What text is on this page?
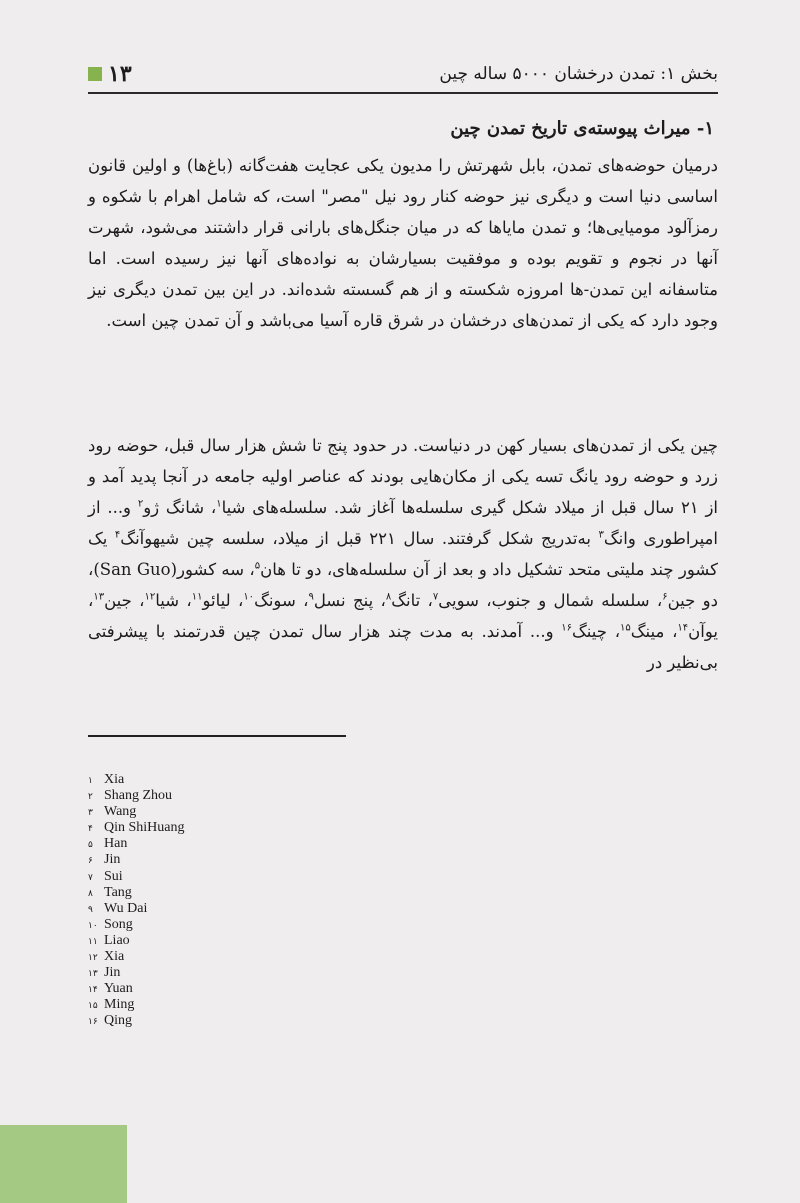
بخش ۱: تمدن درخشان ۵۰۰۰ ساله چین
۱۳
۱- میراث پیوسته‌ی تاریخ تمدن چین

درمیان حوضه‌های تمدن، بابل شهرتش را مدیون یکی عجایت هفت‌گانه (باغ‌ها) و اولین قانون اساسی دنیا است و دیگری نیز حوضه کنار رود نیل "مصر" است، که شامل اهرام با شکوه و رمزآلود مومیایی‌ها؛ و تمدن مایاها که در میان جنگل‌های بارانی قرار داشتند می‌شود، شهرت آنها در نجوم و تقویم بوده و موفقیت بسیارشان به نواده‌های آنها نیز رسیده است. اما متاسفانه این تمدن-ها امروزه شکسته و از هم گسسته شده‌اند. در این بین تمدن دیگری نیز وجود دارد که یکی از تمدن‌های درخشان در شرق قاره آسیا می‌باشد و آن تمدن چین است.

چین یکی از تمدن‌های بسیار کهن در دنیاست. در حدود پنج تا شش هزار سال قبل، حوضه رود زرد و حوضه رود یانگ تسه یکی از مکان‌هایی بودند که عناصر اولیه جامعه در آنجا پدید آمد و از ۲۱ سال قبل از میلاد شکل گیری سلسله‌ها آغاز شد. سلسله‌های شیا$^۱$، شانگ ژو$^۲$ و... از امپراطوری وانگ$^۳$ به‌تدریج شکل گرفتند. سال ۲۲۱ قبل از میلاد، سلسه چین شیهوآنگ$^۴$ یک کشور چند ملیتی متحد تشکیل داد و بعد از آن سلسله‌های، دو تا هان$^۵$، سه کشور(San Guo)، دو جین$^۶$، سلسله شمال و جنوب، سویی$^۷$، تانگ$^۸$، پنج نسل$^۹$، سونگ$^{۱۰}$، لیائو$^{۱۱}$، شیا$^{۱۲}$، جین$^{۱۳}$، یوآن$^{۱۴}$، مینگ$^{۱۵}$، چینگ$^{۱۶}$ و... آمدند. به مدت چند هزار سال تمدن چین قدرتمند با پیشرفتی بی‌نظیر در

۱ Xia
۲ Shang Zhou
۳ Wang
۴ Qin ShiHuang
۵ Han
۶ Jin
۷ Sui
۸ Tang
۹ Wu Dai
۱۰ Song
۱۱ Liao
۱۲ Xia
۱۳ Jin
۱۴ Yuan
۱۵ Ming
۱۶ Qing
